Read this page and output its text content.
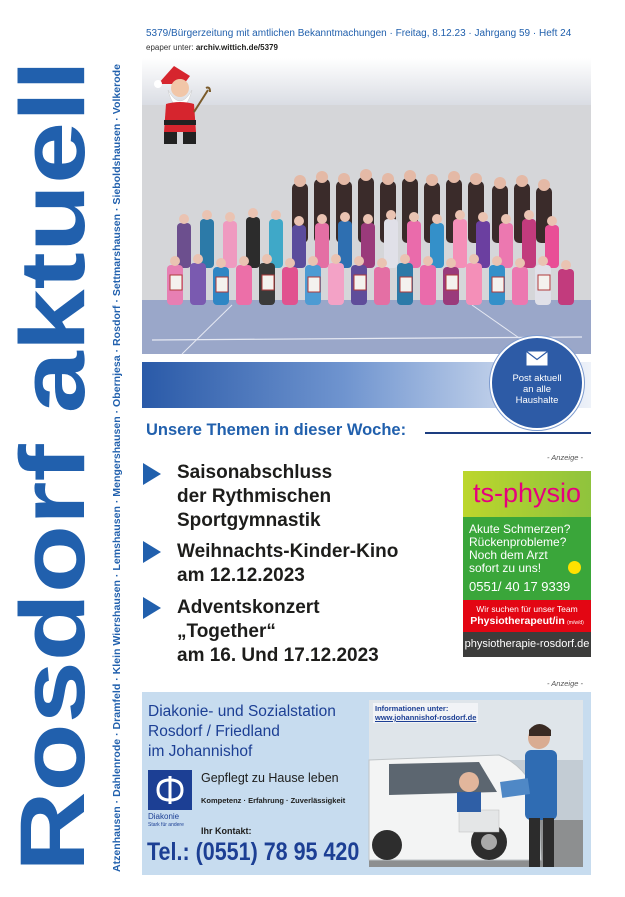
Rosdorf aktuell Atzenhausen · Dahlenrode · Dramfeld · Klein Wiershausen · Lemshausen · Mengershausen · Obernjesa · Rosdorf · Settmarshausen · Sieboldshausen · Volkerode
5379/Bürgerzeitung mit amtlichen Bekanntmachungen · Freitag, 8.12.23 · Jahrgang 59 · Heft 24
epaper unter: archiv.wittich.de/5379
Post aktuell
an alle
Haushalte
Unsere Themen in dieser Woche:
Saisonabschluss
der Rythmischen
Sportgymnastik
Weihnachts-Kinder-Kino
am 12.12.2023
Adventskonzert
„Together“
am 16. Und 17.12.2023
- Anzeige -
ts-physio
Akute Schmerzen?
Rückenprobleme?
Noch dem Arzt
sofort zu uns!
0551/ 40 17 9339
Wir suchen für unser Team
Physiotherapeut/in (m/w/d)
physiotherapie-rosdorf.de
- Anzeige -
Diakonie- und Sozialstation
Rosdorf / Friedland
im Johannishof
Diakonie
Stark für andere
Gepflegt zu Hause leben
Kompetenz · Erfahrung · Zuverlässigkeit
Ihr Kontakt:
Tel.: (0551) 78 95 420
Informationen unter:
www.johannishof-rosdorf.de
